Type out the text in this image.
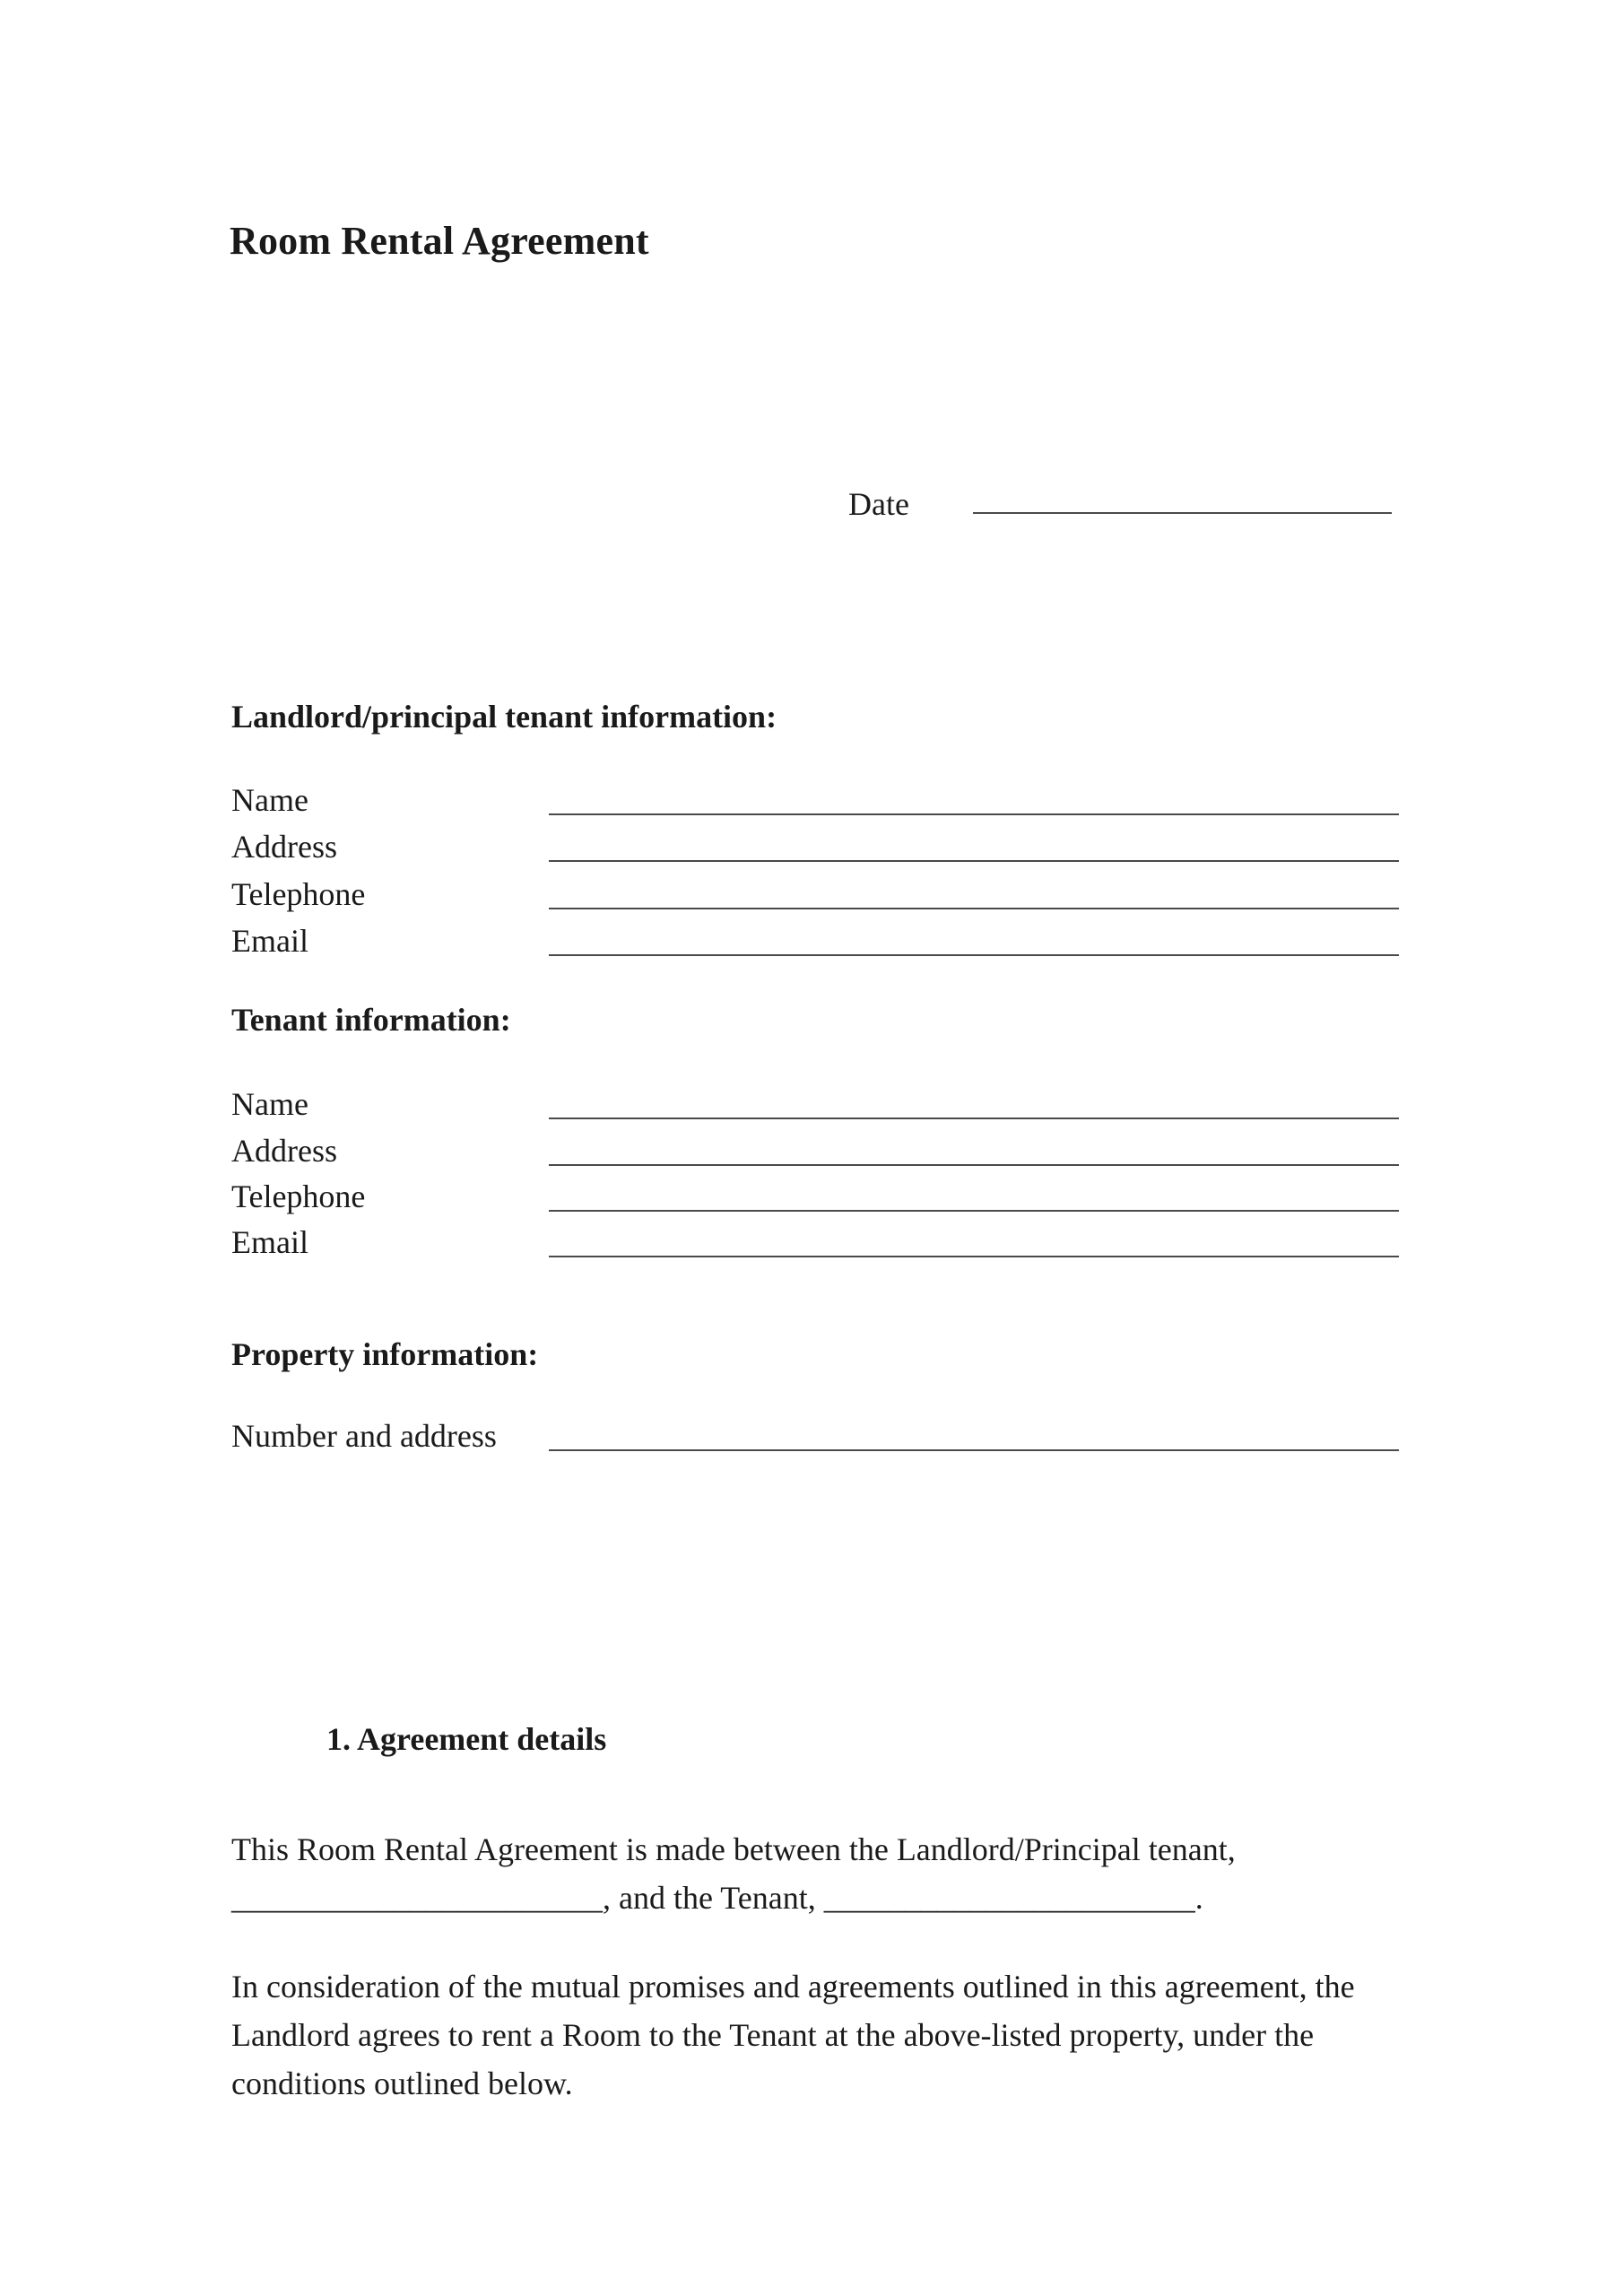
Room Rental Agreement
Date
Landlord/principal tenant information:
Name
Address
Telephone
Email
Tenant information:
Name
Address
Telephone
Email
Property information:
Number and address
1. Agreement details

This Room Rental Agreement is made between the Landlord/Principal tenant, _______________________, and the Tenant, _______________________.

In consideration of the mutual promises and agreements outlined in this agreement, the Landlord agrees to rent a Room to the Tenant at the above-listed property, under the conditions outlined below.
